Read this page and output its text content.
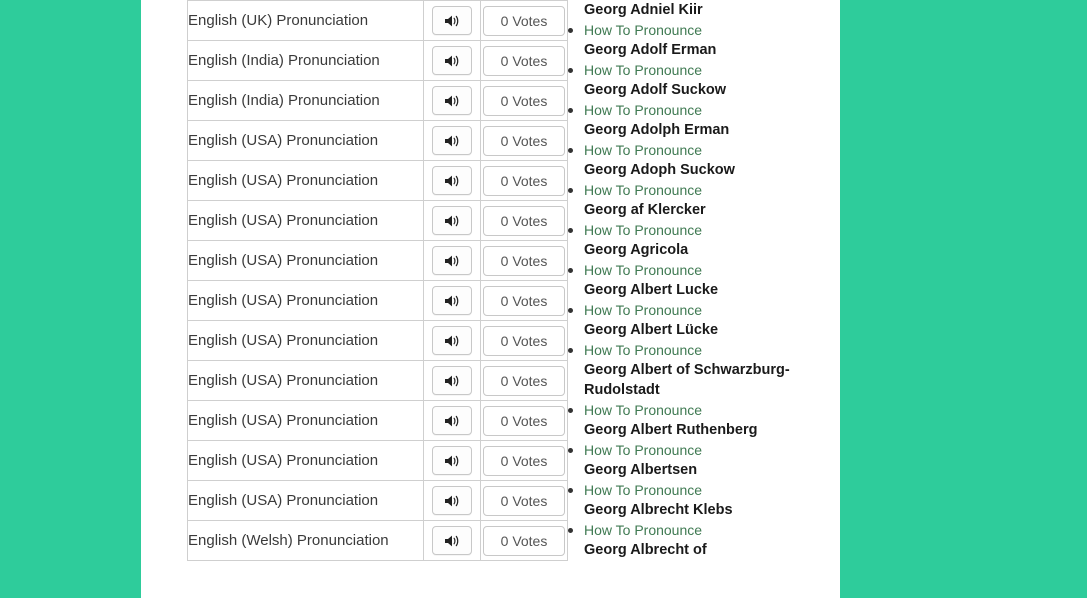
English (UK) Pronunciation		0 Votes

English (India) Pronunciation		0 Votes

English (India) Pronunciation		0 Votes

English (USA) Pronunciation		0 Votes

English (USA) Pronunciation		0 Votes

English (USA) Pronunciation		0 Votes

English (USA) Pronunciation		0 Votes

English (USA) Pronunciation		0 Votes

English (USA) Pronunciation		0 Votes

English (USA) Pronunciation		0 Votes

English (USA) Pronunciation		0 Votes

English (USA) Pronunciation		0 Votes

English (USA) Pronunciation		0 Votes

English (Welsh) Pronunciation		0 Votes
Georg Adniel Kiir
How To Pronounce
Georg Adolf Erman
How To Pronounce
Georg Adolf Suckow
How To Pronounce
Georg Adolph Erman
How To Pronounce
Georg Adoph Suckow
How To Pronounce
Georg af Klercker
How To Pronounce
Georg Agricola
How To Pronounce
Georg Albert Lucke
How To Pronounce
Georg Albert Lücke
How To Pronounce
Georg Albert of Schwarzburg-Rudolstadt
How To Pronounce
Georg Albert Ruthenberg
How To Pronounce
Georg Albertsen
How To Pronounce
Georg Albrecht Klebs
How To Pronounce
Georg Albrecht of
